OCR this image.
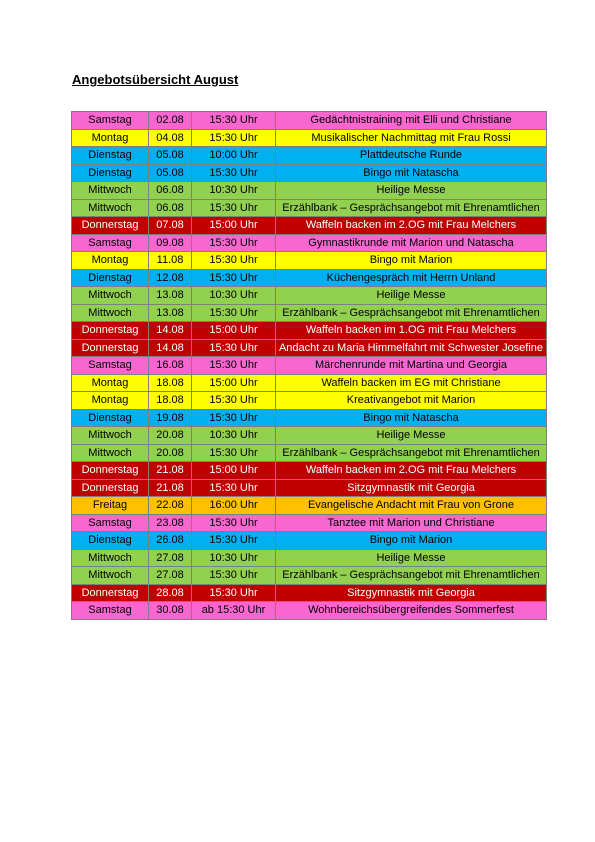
Angebotsübersicht August
Samstag	02.08	15:30 Uhr	Gedächtnistraining mit Elli und Christiane
Montag	04.08	15:30 Uhr	Musikalischer Nachmittag mit Frau Rossi
Dienstag	05.08	10:00 Uhr	Plattdeutsche Runde
Dienstag	05.08	15:30 Uhr	Bingo mit Natascha
Mittwoch	06.08	10:30 Uhr	Heilige Messe
Mittwoch	06.08	15:30 Uhr	Erzählbank – Gesprächsangebot mit Ehrenamtlichen
Donnerstag	07.08	15:00 Uhr	Waffeln backen im 2.OG mit Frau Melchers
Samstag	09.08	15:30 Uhr	Gymnastikrunde mit Marion und Natascha
Montag	11.08	15:30 Uhr	Bingo mit Marion
Dienstag	12.08	15:30 Uhr	Küchengespräch mit Herrn Unland
Mittwoch	13.08	10:30 Uhr	Heilige Messe
Mittwoch	13.08	15:30 Uhr	Erzählbank – Gesprächsangebot mit Ehrenamtlichen
Donnerstag	14.08	15:00 Uhr	Waffeln backen im 1.OG mit Frau Melchers
Donnerstag	14.08	15:30 Uhr	Andacht zu Maria Himmelfahrt mit Schwester Josefine
Samstag	16.08	15:30 Uhr	Märchenrunde mit Martina und Georgia
Montag	18.08	15:00 Uhr	Waffeln backen im EG mit Christiane
Montag	18.08	15:30 Uhr	Kreativangebot mit Marion
Dienstag	19.08	15:30 Uhr	Bingo mit Natascha
Mittwoch	20.08	10:30 Uhr	Heilige Messe
Mittwoch	20.08	15:30 Uhr	Erzählbank – Gesprächsangebot mit Ehrenamtlichen
Donnerstag	21.08	15:00 Uhr	Waffeln backen im 2.OG mit Frau Melchers
Donnerstag	21.08	15:30 Uhr	Sitzgymnastik mit Georgia
Freitag	22.08	16:00 Uhr	Evangelische Andacht mit Frau von Grone
Samstag	23.08	15:30 Uhr	Tanztee mit Marion und Christiane
Dienstag	26.08	15:30 Uhr	Bingo mit Marion
Mittwoch	27.08	10:30 Uhr	Heilige Messe
Mittwoch	27.08	15:30 Uhr	Erzählbank – Gesprächsangebot mit Ehrenamtlichen
Donnerstag	28.08	15:30 Uhr	Sitzgymnastik mit Georgia
Samstag	30.08	ab 15:30 Uhr	Wohnbereichsübergreifendes Sommerfest
